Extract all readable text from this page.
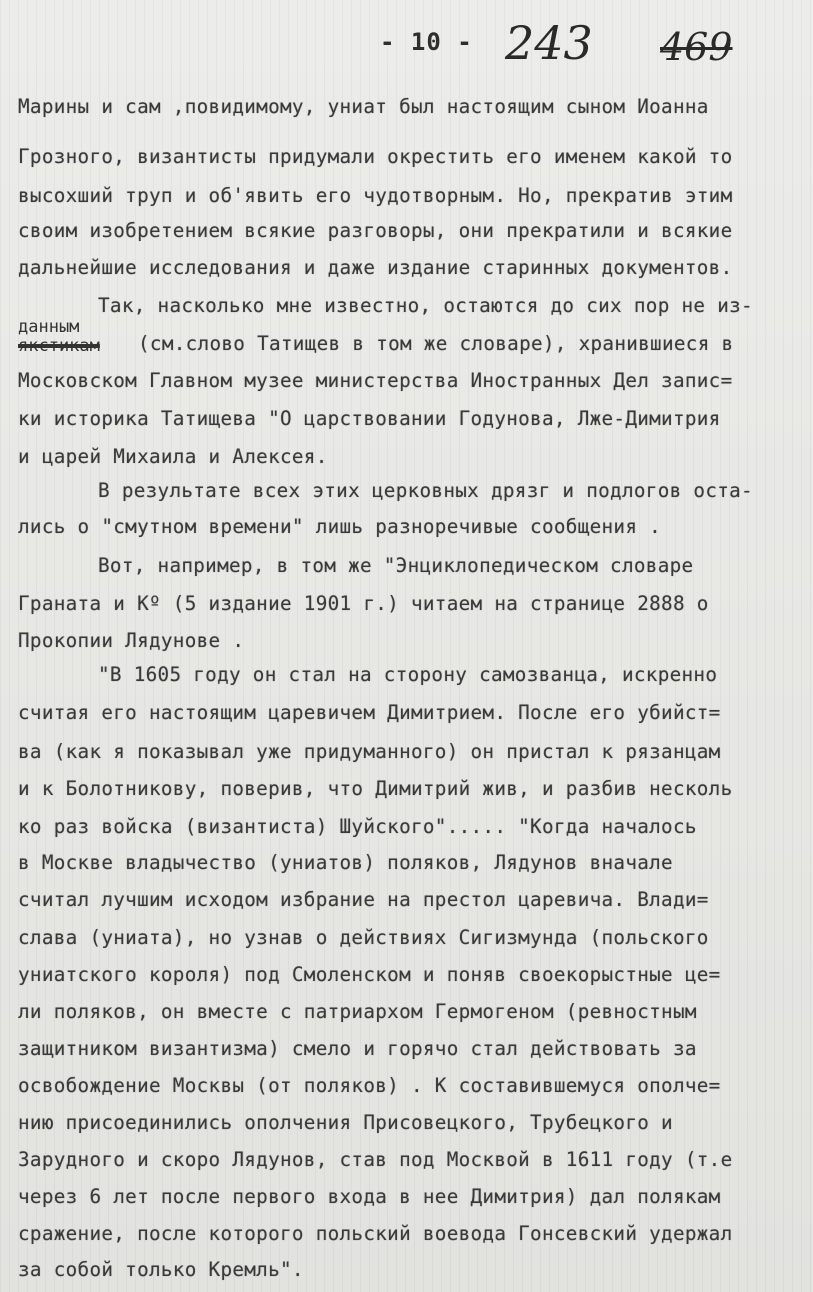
- 10 - 243 469
Марины и сам ,повидимому, униат был настоящим сыном Иоанна
Грозного, византисты придумали окрестить его именем какой то
высохший труп и об'явить его чудотворным. Но, прекратив этим
своим изобретением всякие разговоры, они прекратили и всякие
дальнейшие исследования и даже издание старинных документов.
Так, насколько мне известно, остаются до сих пор не из-
данным
якстикам (см.слово Татищев в том же словаре), хранившиеся в
Московском Главном музее министерства Иностранных Дел запис=
ки историка Татищева "О царствовании Годунова, Лже-Димитрия
и царей Михаила и Алексея.
В результате всех этих церковных дрязг и подлогов оста-
лись о "смутном времени" лишь разноречивые сообщения .
Вот, например, в том же "Энциклопедическом словаре
Граната и Кº (5 издание 1901 г.) читаем на странице 2888 о
Прокопии Лядунове .
"В 1605 году он стал на сторону самозванца, искренно
считая его настоящим царевичем Димитрием. После его убийст=
ва (как я показывал уже придуманного) он пристал к рязанцам
и к Болотникову, поверив, что Димитрий жив, и разбив несколь
ко раз войска (византиста) Шуйского"..... "Когда началось
в Москве владычество (униатов) поляков, Лядунов вначале
считал лучшим исходом избрание на престол царевича. Влади=
слава (униата), но узнав о действиях Сигизмунда (польского
униатского короля) под Смоленском и поняв своекорыстные це=
ли поляков, он вместе с патриархом Гермогеном (ревностным
защитником византизма) смело и горячо стал действовать за
освобождение Москвы (от поляков) . К составившемуся ополче=
нию присоединились ополчения Присовецкого, Трубецкого и
Зарудного и скоро Лядунов, став под Москвой в 1611 году (т.е
через 6 лет после первого входа в нее Димитрия) дал полякам
сражение, после которого польский воевода Гонсевский удержал
за собой только Кремль".
